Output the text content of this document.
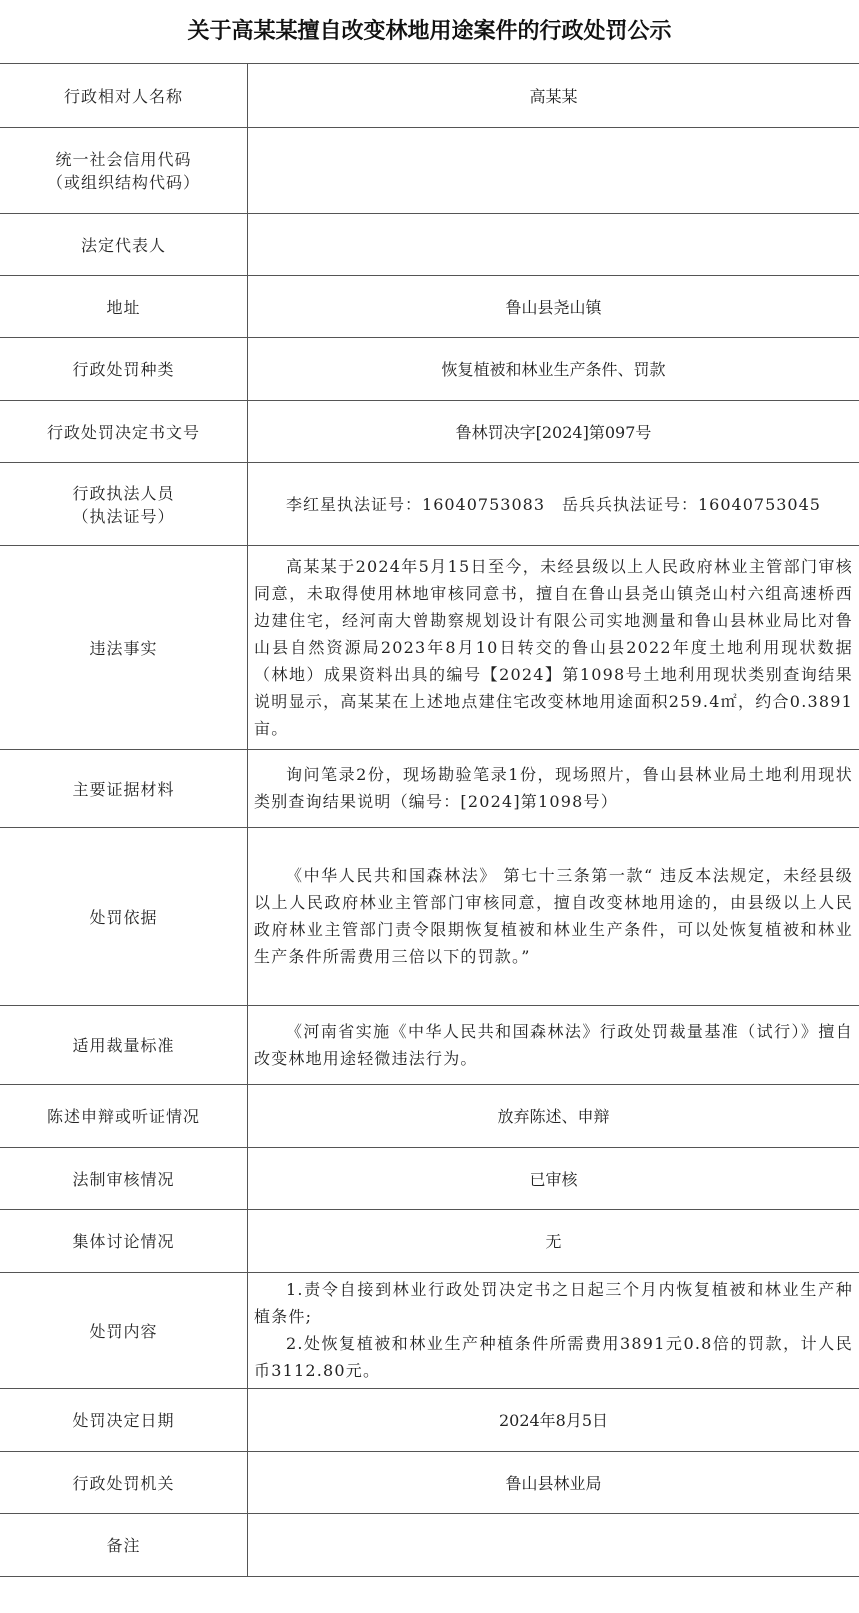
关于高某某擅自改变林地用途案件的行政处罚公示
行政相对人名称	高某某

统一社会信用代码
（或组织结构代码）	

法定代表人	
地址	鲁山县尧山镇
行政处罚种类	恢复植被和林业生产条件、罚款
行政处罚决定书文号	鲁林罚决字[2024]第097号

行政执法人员
（执法证号）	李红星执法证号：16040753083　岳兵兵执法证号：16040753045
违法事实	高某某于2024年5月15日至今，未经县级以上人民政府林业主管部门审核同意，未取得使用林地审核同意书，擅自在鲁山县尧山镇尧山村六组高速桥西边建住宅，经河南大曾勘察规划设计有限公司实地测量和鲁山县林业局比对鲁山县自然资源局2023年8月10日转交的鲁山县2022年度土地利用现状数据（林地）成果资料出具的编号【2024】第1098号土地利用现状类别查询结果说明显示，高某某在上述地点建住宅改变林地用途面积259.4㎡，约合0.3891亩。
主要证据材料	询问笔录2份，现场勘验笔录1份，现场照片，鲁山县林业局土地利用现状类别查询结果说明（编号：[2024]第1098号）
处罚依据	《中华人民共和国森林法》 第七十三条第一款“ 违反本法规定，未经县级以上人民政府林业主管部门审核同意，擅自改变林地用途的，由县级以上人民政府林业主管部门责令限期恢复植被和林业生产条件，可以处恢复植被和林业生产条件所需费用三倍以下的罚款。”
适用裁量标准	《河南省实施《中华人民共和国森林法》行政处罚裁量基准（试行）》擅自改变林地用途轻微违法行为。
陈述申辩或听证情况	放弃陈述、申辩
法制审核情况	已审核
集体讨论情况	无
处罚内容	1.责令自接到林业行政处罚决定书之日起三个月内恢复植被和林业生产种植条件;
2.处恢复植被和林业生产种植条件所需费用3891元0.8倍的罚款，计人民币3112.80元。

处罚决定日期	2024年8月5日
行政处罚机关	鲁山县林业局
备注	
